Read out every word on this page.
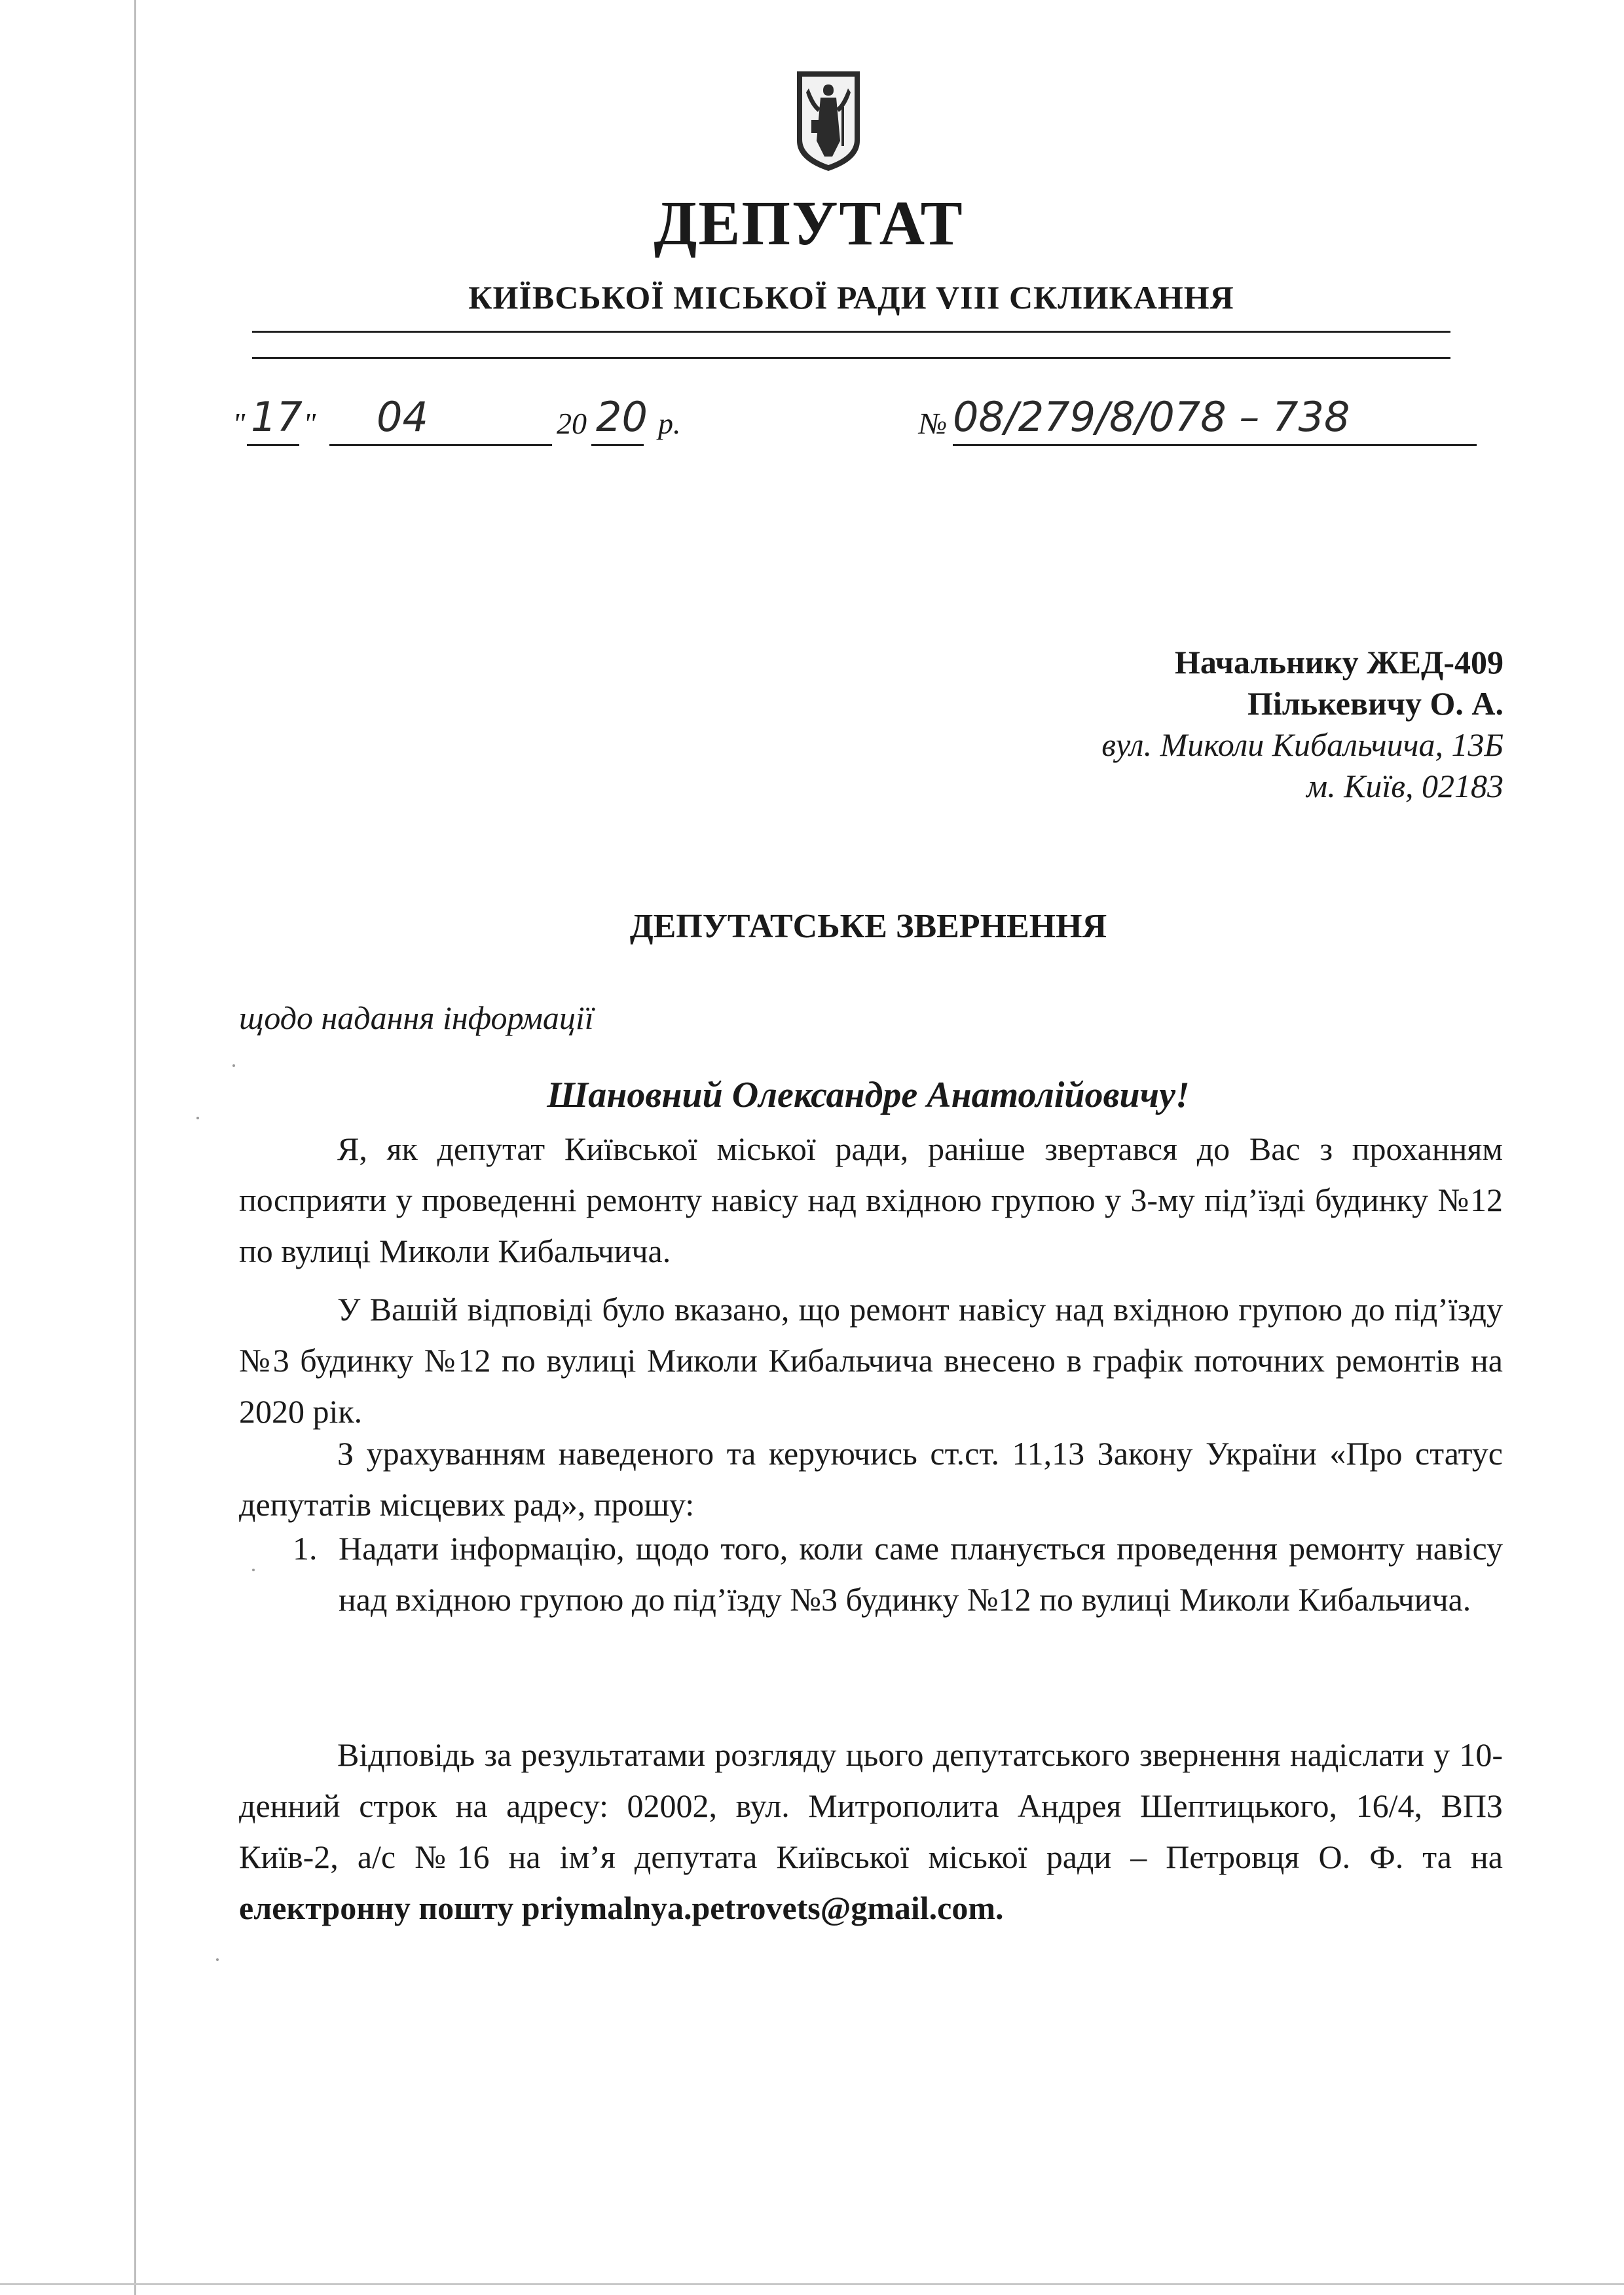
ДЕПУТАТ
КИЇВСЬКОЇ МІСЬКОЇ РАДИ VIII СКЛИКАННЯ
" 17 " 04	20 20 р.	№ 08/279/8/078 – 738
Начальнику ЖЕД-409
Пількевичу О. А.
вул. Миколи Кибальчича, 13Б
м. Київ, 02183
ДЕПУТАТСЬКЕ ЗВЕРНЕННЯ
щодо надання інформації
Шановний Олександре Анатолійовичу!
Я, як депутат Київської міської ради, раніше звертався до Вас з проханням посприяти у проведенні ремонту навісу над вхідною групою у 3-му під’їзді будинку №12 по вулиці Миколи Кибальчича.
У Вашій відповіді було вказано, що ремонт навісу над вхідною групою до під’їзду №3 будинку №12 по вулиці Миколи Кибальчича внесено в графік поточних ремонтів на 2020 рік.
З урахуванням наведеного та керуючись ст.ст. 11,13 Закону України «Про статус депутатів місцевих рад», прошу:
1. Надати інформацію, щодо того, коли саме планується проведення ремонту навісу над вхідною групою до під’їзду №3 будинку №12 по вулиці Миколи Кибальчича.
Відповідь за результатами розгляду цього депутатського звернення надіслати у 10-денний строк на адресу: 02002, вул. Митрополита Андрея Шептицького, 16/4, ВПЗ Київ-2, а/с №16 на ім’я депутата Київської міської ради – Петровця О. Ф. та на електронну пошту priymalnya.petrovets@gmail.com.
